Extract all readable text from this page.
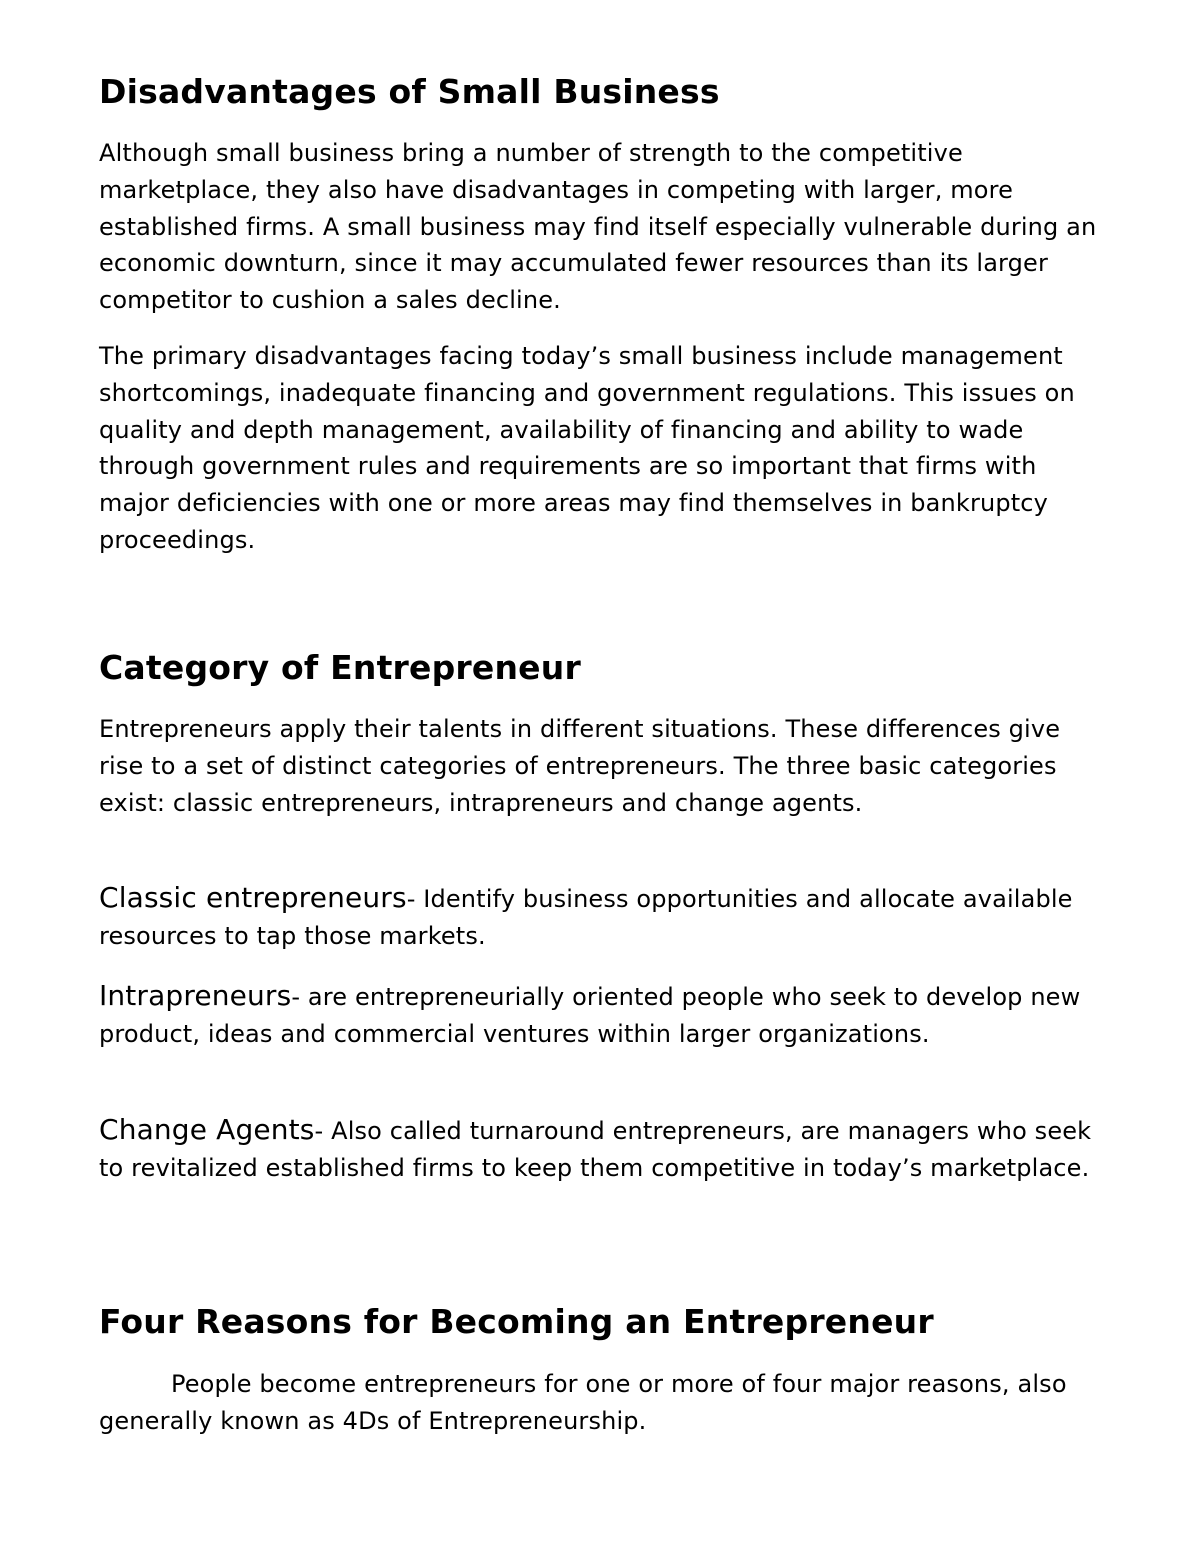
Disadvantages of Small Business

Although small business bring a number of strength to the competitive marketplace, they also have disadvantages in competing with larger, more established firms. A small business may find itself especially vulnerable during an economic downturn, since it may accumulated fewer resources than its larger competitor to cushion a sales decline.

The primary disadvantages facing today’s small business include management shortcomings, inadequate financing and government regulations. This issues on quality and depth management, availability of financing and ability to wade through government rules and requirements are so important that firms with major deficiencies with one or more areas may find themselves in bankruptcy proceedings.

Category of Entrepreneur

Entrepreneurs apply their talents in different situations. These differences give rise to a set of distinct categories of entrepreneurs. The three basic categories exist: classic entrepreneurs, intrapreneurs and change agents.

Classic entrepreneurs- Identify business opportunities and allocate available resources to tap those markets.

Intrapreneurs- are entrepreneurially oriented people who seek to develop new product, ideas and commercial ventures within larger organizations.

Change Agents- Also called turnaround entrepreneurs, are managers who seek to revitalized established firms to keep them competitive in today’s marketplace.

Four Reasons for Becoming an Entrepreneur

People become entrepreneurs for one or more of four major reasons, also generally known as 4Ds of Entrepreneurship.
